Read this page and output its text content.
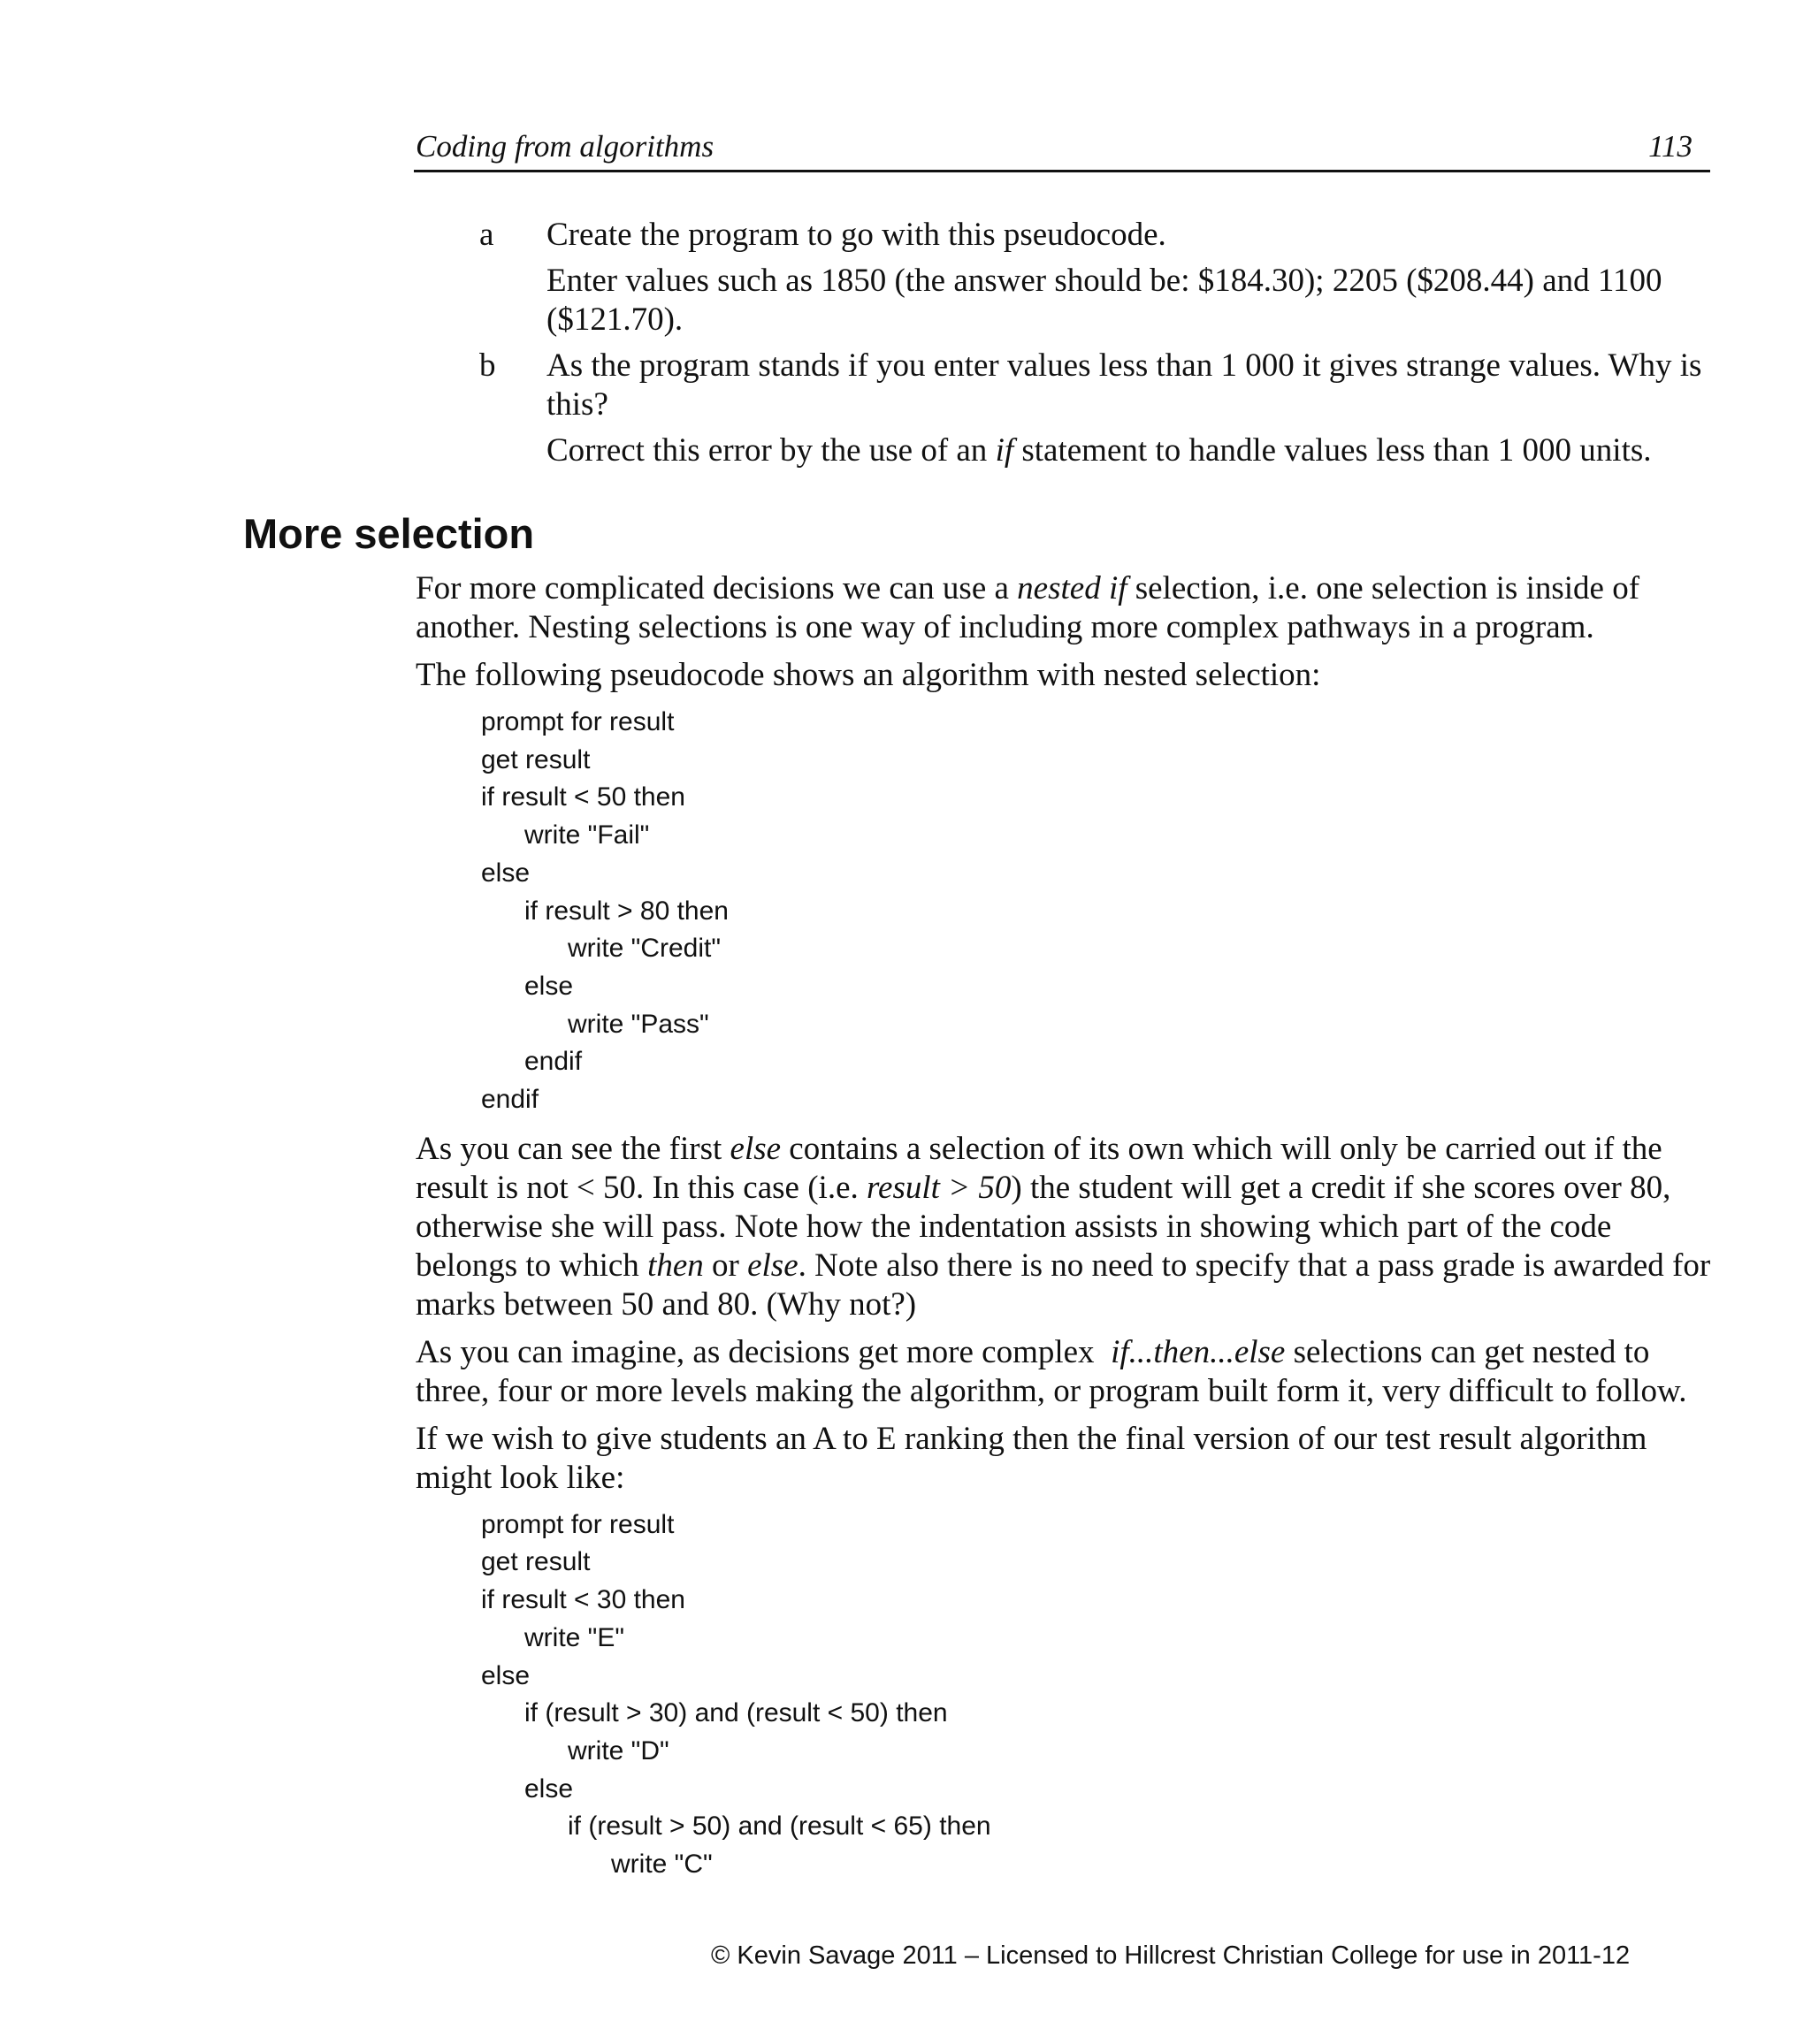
Coding from algorithms	113
a Create the program to go with this pseudocode.

Enter values such as 1850 (the answer should be: $184.30); 2205 ($208.44) and 1100 ($121.70).

b As the program stands if you enter values less than 1 000 it gives strange values. Why is this?

Correct this error by the use of an if statement to handle values less than 1 000 units.

More selection

For more complicated decisions we can use a nested if selection, i.e. one selection is inside of another. Nesting selections is one way of including more complex pathways in a program.

The following pseudocode shows an algorithm with nested selection:

prompt for result
get result
if result < 50 then
write "Fail"
else
if result > 80 then
write "Credit"
else
write "Pass"
endif
endif

As you can see the first else contains a selection of its own which will only be carried out if the result is not < 50. In this case (i.e. result > 50) the student will get a credit if she scores over 80, otherwise she will pass. Note how the indentation assists in showing which part of the code belongs to which then or else. Note also there is no need to specify that a pass grade is awarded for marks between 50 and 80. (Why not?)

As you can imagine, as decisions get more complex  if...then...else selections can get nested to three, four or more levels making the algorithm, or program built form it, very difficult to follow.

If we wish to give students an A to E ranking then the final version of our test result algorithm might look like:

prompt for result
get result
if result < 30 then
write "E"
else
if (result > 30) and (result < 50) then
write "D"
else
if (result > 50) and (result < 65) then
write "C"
© Kevin Savage 2011 – Licensed to Hillcrest Christian College for use in 2011-12
